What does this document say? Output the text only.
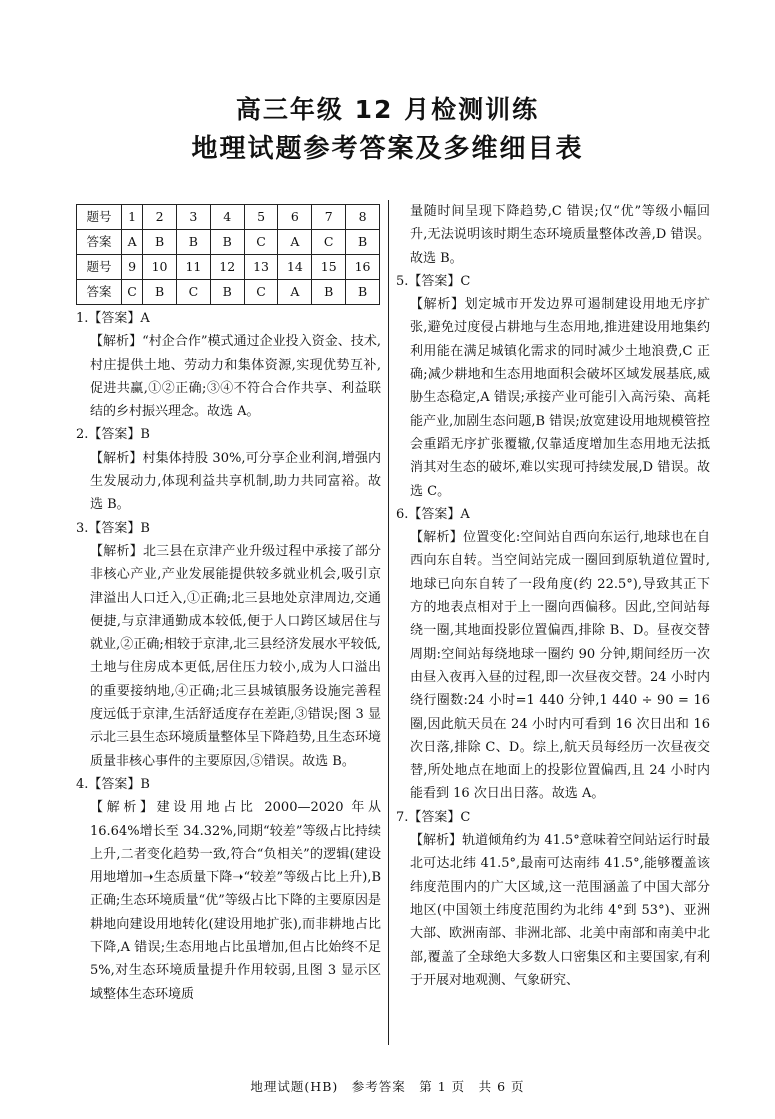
高三年级 12 月检测训练
地理试题参考答案及多维细目表
题号	1	2	3	4	5	6	7	8
答案	A	B	B	B	C	A	C	B
题号	9	10	11	12	13	14	15	16
答案	C	B	C	B	C	A	B	B
1.【答案】A
【解析】“村企合作”模式通过企业投入资金、技术,村庄提供土地、劳动力和集体资源,实现优势互补,促进共赢,①②正确;③④不符合合作共享、利益联结的乡村振兴理念。故选 A。
2.【答案】B
【解析】村集体持股 30%,可分享企业利润,增强内生发展动力,体现利益共享机制,助力共同富裕。故选 B。
3.【答案】B
【解析】北三县在京津产业升级过程中承接了部分非核心产业,产业发展能提供较多就业机会,吸引京津溢出人口迁入,①正确;北三县地处京津周边,交通便捷,与京津通勤成本较低,便于人口跨区域居住与就业,②正确;相较于京津,北三县经济发展水平较低,土地与住房成本更低,居住压力较小,成为人口溢出的重要接纳地,④正确;北三县城镇服务设施完善程度远低于京津,生活舒适度存在差距,③错误;图 3 显示北三县生态环境质量整体呈下降趋势,且生态环境质量非核心事件的主要原因,⑤错误。故选 B。
4.【答案】B
【解析】建设用地占比 2000—2020 年从 16.64%增长至 34.32%,同期“较差”等级占比持续上升,二者变化趋势一致,符合“负相关”的逻辑(建设用地增加➝生态质量下降➝“较差”等级占比上升),B 正确;生态环境质量“优”等级占比下降的主要原因是耕地向建设用地转化(建设用地扩张),而非耕地占比下降,A 错误;生态用地占比虽增加,但占比始终不足 5%,对生态环境质量提升作用较弱,且图 3 显示区域整体生态环境质
量随时间呈现下降趋势,C 错误;仅“优”等级小幅回升,无法说明该时期生态环境质量整体改善,D 错误。故选 B。
5.【答案】C
【解析】划定城市开发边界可遏制建设用地无序扩张,避免过度侵占耕地与生态用地,推进建设用地集约利用能在满足城镇化需求的同时减少土地浪费,C 正确;减少耕地和生态用地面积会破坏区域发展基底,威胁生态稳定,A 错误;承接产业可能引入高污染、高耗能产业,加剧生态问题,B 错误;放宽建设用地规模管控会重蹈无序扩张覆辙,仅靠适度增加生态用地无法抵消其对生态的破坏,难以实现可持续发展,D 错误。故选 C。
6.【答案】A
【解析】位置变化:空间站自西向东运行,地球也在自西向东自转。当空间站完成一圈回到原轨道位置时,地球已向东自转了一段角度(约 22.5°),导致其正下方的地表点相对于上一圈向西偏移。因此,空间站每绕一圈,其地面投影位置偏西,排除 B、D。昼夜交替周期:空间站每绕地球一圈约 90 分钟,期间经历一次由昼入夜再入昼的过程,即一次昼夜交替。24 小时内绕行圈数:24 小时=1 440 分钟,1 440 ÷ 90 = 16 圈,因此航天员在 24 小时内可看到 16 次日出和 16 次日落,排除 C、D。综上,航天员每经历一次昼夜交替,所处地点在地面上的投影位置偏西,且 24 小时内能看到 16 次日出日落。故选 A。
7.【答案】C
【解析】轨道倾角约为 41.5°意味着空间站运行时最北可达北纬 41.5°,最南可达南纬 41.5°,能够覆盖该纬度范围内的广大区域,这一范围涵盖了中国大部分地区(中国领土纬度范围约为北纬 4°到 53°)、亚洲大部、欧洲南部、非洲北部、北美中南部和南美中北部,覆盖了全球绝大多数人口密集区和主要国家,有利于开展对地观测、气象研究、
地理试题(HB)　参考答案　第 1 页　共 6 页
